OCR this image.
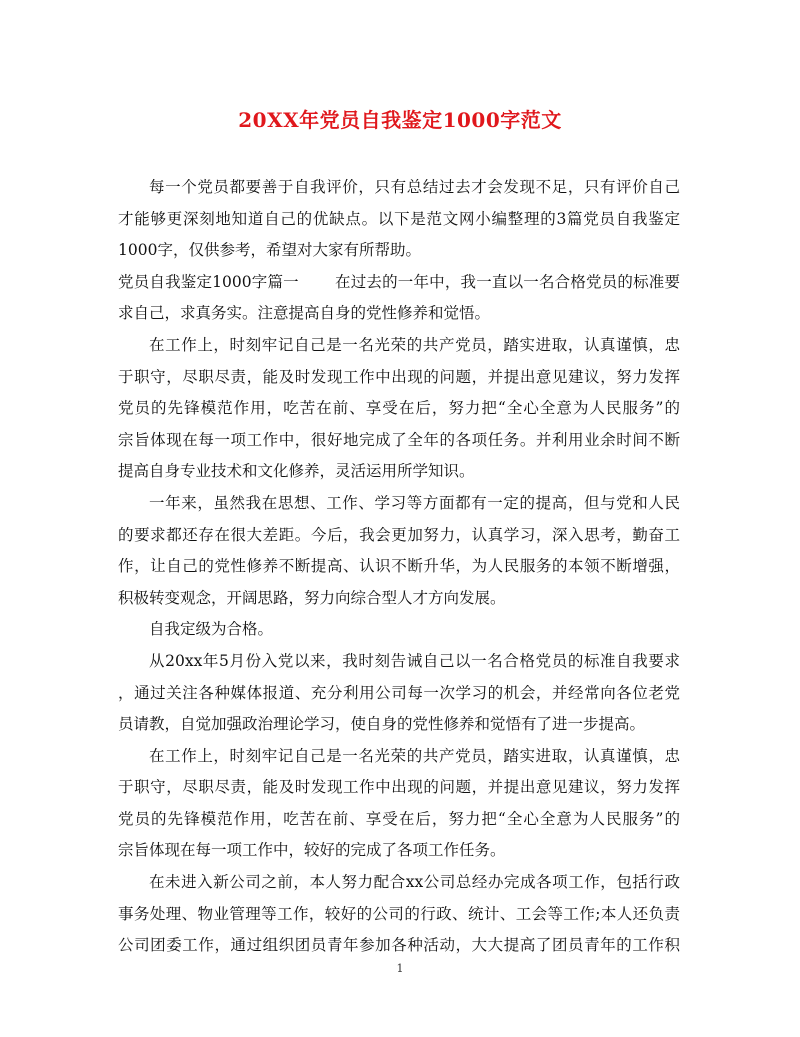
20XX年党员自我鉴定1000字范文
每一个党员都要善于自我评价，只有总结过去才会发现不足，只有评价自己
才能够更深刻地知道自己的优缺点。以下是范文网小编整理的3篇党员自我鉴定
1000字，仅供参考，希望对大家有所帮助。
党员自我鉴定1000字篇一 在过去的一年中，我一直以一名合格党员的标准要
求自己，求真务实。注意提高自身的党性修养和觉悟。
在工作上，时刻牢记自己是一名光荣的共产党员，踏实进取，认真谨慎，忠
于职守，尽职尽责，能及时发现工作中出现的问题，并提出意见建议，努力发挥
党员的先锋模范作用，吃苦在前、享受在后，努力把“全心全意为人民服务”的
宗旨体现在每一项工作中，很好地完成了全年的各项任务。并利用业余时间不断
提高自身专业技术和文化修养，灵活运用所学知识。
一年来，虽然我在思想、工作、学习等方面都有一定的提高，但与党和人民
的要求都还存在很大差距。今后，我会更加努力，认真学习，深入思考，勤奋工
作，让自己的党性修养不断提高、认识不断升华，为人民服务的本领不断增强，
积极转变观念，开阔思路，努力向综合型人才方向发展。
自我定级为合格。
从20xx年5月份入党以来，我时刻告诫自己以一名合格党员的标准自我要求
，通过关注各种媒体报道、充分利用公司每一次学习的机会，并经常向各位老党
员请教，自觉加强政治理论学习，使自身的党性修养和觉悟有了进一步提高。
在工作上，时刻牢记自己是一名光荣的共产党员，踏实进取，认真谨慎，忠
于职守，尽职尽责，能及时发现工作中出现的问题，并提出意见建议，努力发挥
党员的先锋模范作用，吃苦在前、享受在后，努力把“全心全意为人民服务”的
宗旨体现在每一项工作中，较好的完成了各项工作任务。
在未进入新公司之前，本人努力配合xx公司总经办完成各项工作，包括行政
事务处理、物业管理等工作，较好的公司的行政、统计、工会等工作;本人还负责
公司团委工作，通过组织团员青年参加各种活动，大大提高了团员青年的工作积
1
